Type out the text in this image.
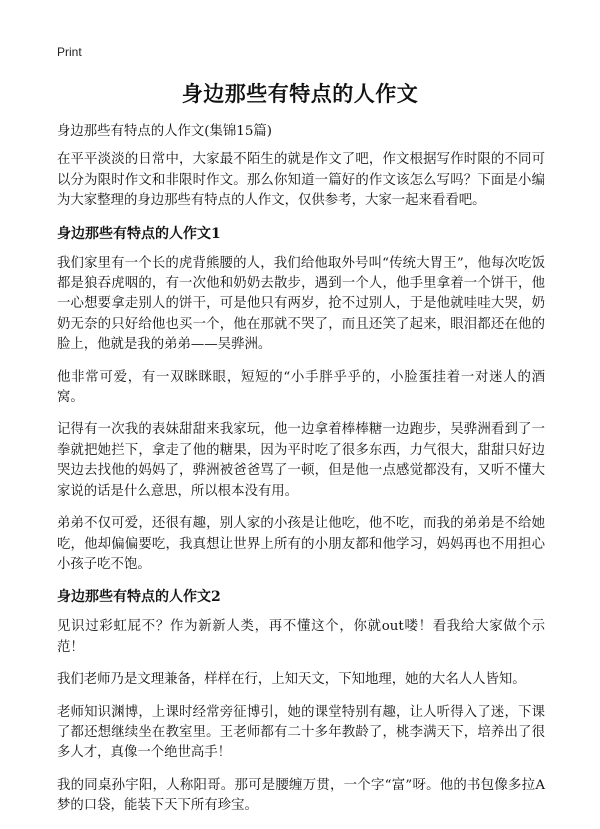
Print
身边那些有特点的人作文

身边那些有特点的人作文(集锦15篇)

在平平淡淡的日常中，大家最不陌生的就是作文了吧，作文根据写作时限的不同可以分为限时作文和非限时作文。那么你知道一篇好的作文该怎么写吗？下面是小编为大家整理的身边那些有特点的人作文，仅供参考，大家一起来看看吧。

身边那些有特点的人作文1

我们家里有一个长的虎背熊腰的人，我们给他取外号叫“传统大胃王”，他每次吃饭都是狼吞虎咽的，有一次他和奶奶去散步，遇到一个人，他手里拿着一个饼干，他一心想要拿走别人的饼干，可是他只有两岁，抢不过别人，于是他就哇哇大哭，奶奶无奈的只好给他也买一个，他在那就不哭了，而且还笑了起来，眼泪都还在他的脸上，他就是我的弟弟——吴骅洲。

他非常可爱，有一双眯眯眼，短短的“小手胖乎乎的，小脸蛋挂着一对迷人的酒窝。

记得有一次我的表妹甜甜来我家玩，他一边拿着棒棒糖一边跑步，吴骅洲看到了一拳就把她拦下，拿走了他的糖果，因为平时吃了很多东西，力气很大，甜甜只好边哭边去找他的妈妈了，骅洲被爸爸骂了一顿，但是他一点感觉都没有，又听不懂大家说的话是什么意思，所以根本没有用。

弟弟不仅可爱，还很有趣，别人家的小孩是让他吃，他不吃，而我的弟弟是不给她吃，他却偏偏要吃，我真想让世界上所有的小朋友都和他学习，妈妈再也不用担心小孩子吃不饱。

身边那些有特点的人作文2

见识过彩虹屁不？作为新新人类，再不懂这个，你就out喽！看我给大家做个示范！

我们老师乃是文理兼备，样样在行，上知天文，下知地理，她的大名人人皆知。

老师知识渊博，上课时经常旁征博引，她的课堂特别有趣，让人听得入了迷，下课了都还想继续坐在教室里。王老师都有二十多年教龄了，桃李满天下，培养出了很多人才，真像一个绝世高手！

我的同桌孙宇阳，人称阳哥。那可是腰缠万贯，一个字“富”呀。他的书包像多拉A梦的口袋，能装下天下所有珍宝。
